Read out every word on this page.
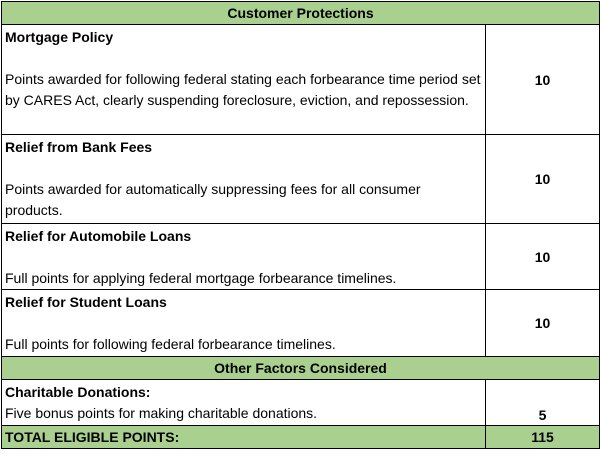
Customer Protections	

Mortgage Policy
Points awarded for following federal stating each forbearance time period set by CARES Act, clearly suspending foreclosure, eviction, and repossession.	10

Relief from Bank Fees
Points awarded for automatically suppressing fees for all consumer products.	10

Relief for Automobile Loans
Full points for applying federal mortgage forbearance timelines.	10

Relief for Student Loans
Full points for following federal forbearance timelines.	10
Other Factors Considered	

Charitable Donations:
Five bonus points for making charitable donations.	5
TOTAL ELIGIBLE POINTS:	115
